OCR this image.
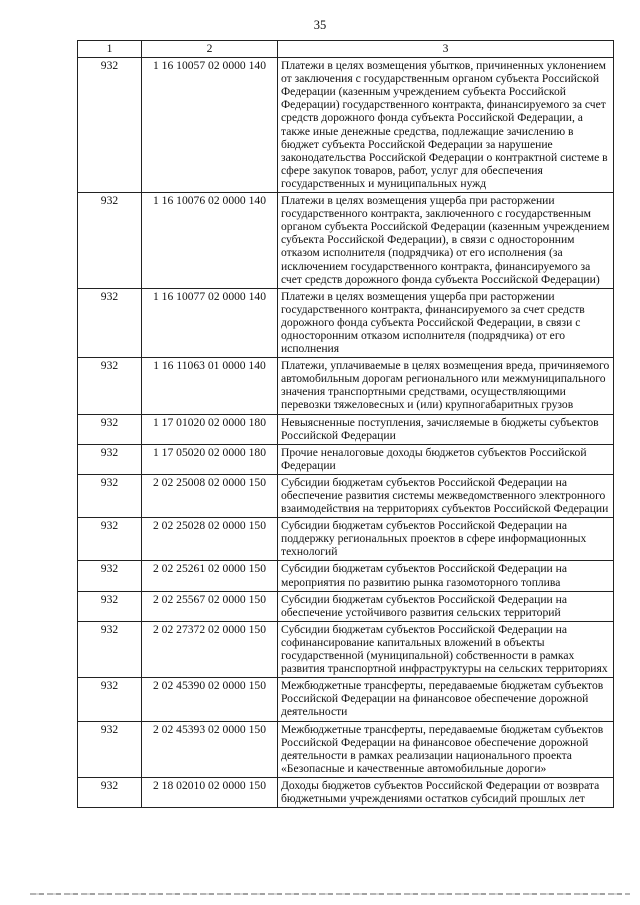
35
1	2	3
932	1 16 10057 02 0000 140	Платежи в целях возмещения убытков, причиненных уклонением от заключения с государственным органом субъекта Российской Федерации (казенным учреждением субъекта Российской Федерации) государственного контракта, финансируемого за счет средств дорожного фонда субъекта Российской Федерации, а также иные денежные средства, подлежащие зачислению в бюджет субъекта Российской Федерации за нарушение законодательства Российской Федерации о контрактной системе в сфере закупок товаров, работ, услуг для обеспечения государственных и муниципальных нужд
932	1 16 10076 02 0000 140	Платежи в целях возмещения ущерба при расторжении государственного контракта, заключенного с государственным органом субъекта Российской Федерации (казенным учреждением субъекта Российской Федерации), в связи с односторонним отказом исполнителя (подрядчика) от его исполнения (за исключением государственного контракта, финансируемого за счет средств дорожного фонда субъекта Российской Федерации)
932	1 16 10077 02 0000 140	Платежи в целях возмещения ущерба при расторжении государственного контракта, финансируемого за счет средств дорожного фонда субъекта Российской Федерации, в связи с односторонним отказом исполнителя (подрядчика) от его исполнения
932	1 16 11063 01 0000 140	Платежи, уплачиваемые в целях возмещения вреда, причиняемого автомобильным дорогам регионального или межмуниципального значения транспортными средствами, осуществляющими перевозки тяжеловесных и (или) крупногабаритных грузов
932	1 17 01020 02 0000 180	Невыясненные поступления, зачисляемые в бюджеты субъектов Российской Федерации
932	1 17 05020 02 0000 180	Прочие неналоговые доходы бюджетов субъектов Российской Федерации
932	2 02 25008 02 0000 150	Субсидии бюджетам субъектов Российской Федерации на обеспечение развития системы межведомственного электронного взаимодействия на территориях субъектов Российской Федерации
932	2 02 25028 02 0000 150	Субсидии бюджетам субъектов Российской Федерации на поддержку региональных проектов в сфере информационных технологий
932	2 02 25261 02 0000 150	Субсидии бюджетам субъектов Российской Федерации на мероприятия по развитию рынка газомоторного топлива
932	2 02 25567 02 0000 150	Субсидии бюджетам субъектов Российской Федерации на обеспечение устойчивого развития сельских территорий
932	2 02 27372 02 0000 150	Субсидии бюджетам субъектов Российской Федерации на софинансирование капитальных вложений в объекты государственной (муниципальной) собственности в рамках развития транспортной инфраструктуры на сельских территориях
932	2 02 45390 02 0000 150	Межбюджетные трансферты, передаваемые бюджетам субъектов Российской Федерации на финансовое обеспечение дорожной деятельности
932	2 02 45393 02 0000 150	Межбюджетные трансферты, передаваемые бюджетам субъектов Российской Федерации на финансовое обеспечение дорожной деятельности в рамках реализации национального проекта «Безопасные и качественные автомобильные дороги»
932	2 18 02010 02 0000 150	Доходы бюджетов субъектов Российской Федерации от возврата бюджетными учреждениями остатков субсидий прошлых лет
